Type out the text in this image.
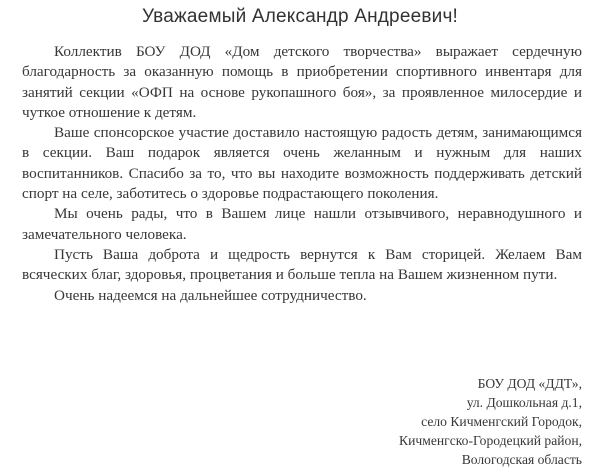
Уважаемый Александр Андреевич!

Коллектив БОУ ДОД «Дом детского творчества» выражает сердечную благодарность за оказанную помощь в приобретении спортивного инвентаря для занятий секции «ОФП на основе рукопашного боя», за проявленное милосердие и чуткое отношение к детям.

Ваше спонсорское участие доставило настоящую радость детям, занимающимся в секции. Ваш подарок является очень желанным и нужным для наших воспитанников. Спасибо за то, что вы находите возможность поддерживать детский спорт на селе, заботитесь о здоровье подрастающего поколения.

Мы очень рады, что в Вашем лице нашли отзывчивого, неравнодушного и замечательного человека.

Пусть Ваша доброта и щедрость вернутся к Вам сторицей. Желаем Вам всяческих благ, здоровья, процветания и больше тепла на Вашем жизненном пути.

Очень надеемся на дальнейшее сотрудничество.

БОУ ДОД «ДДТ»,
ул. Дошкольная д.1,
село Кичменгский Городок,
Кичменгско-Городецкий район,
Вологодская область
